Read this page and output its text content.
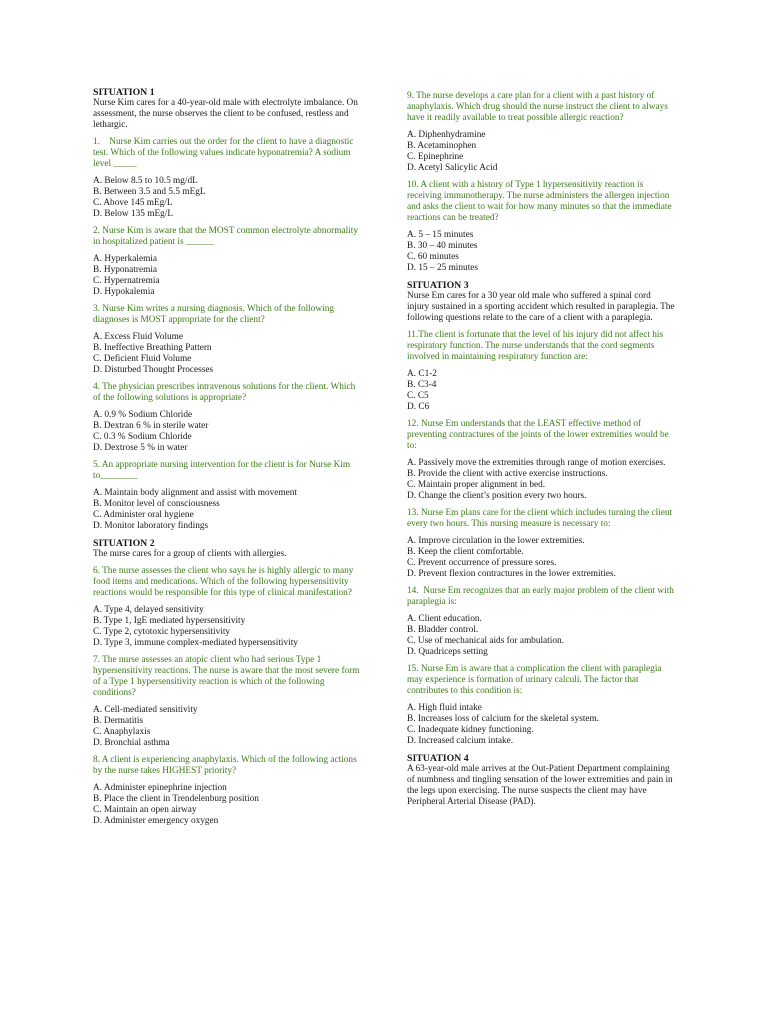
SITUATION 1
Nurse Kim cares for a 40-year-old male with electrolyte imbalance. On assessment, the nurse observes the client to be confused, restless and lethargic.
1.    Nurse Kim carries out the order for the client to have a diagnostic test. Which of the following values indicate hyponatremia? A sodium level _____
A. Below 8.5 to 10.5 mg/dL
B. Between 3.5 and 5.5 mEgL
C. Above 145 mEg/L
D. Below 135 mEg/L
2. Nurse Kim is aware that the MOST common electrolyte abnormality in hospitalized patient is ______
A. Hyperkalemia
B. Hyponatremia
C. Hypernatremia
D. Hypokalemia
3. Nurse Kim writes a nursing diagnosis. Which of the following diagnoses is MOST appropriate for the client?
A. Excess Fluid Volume
B. Ineffective Breathing Pattern
C. Deficient Fluid Volume
D. Disturbed Thought Processes
4. The physician prescribes intravenous solutions for the client. Which of the following solutions is appropriate?
A. 0.9 % Sodium Chloride
B. Dextran 6 % in sterile water
C. 0.3 % Sodium Chloride
D. Dextrose 5 % in water
5. An appropriate nursing intervention for the client is for Nurse Kim to________
A. Maintain body alignment and assist with movement
B. Monitor level of consciousness
C. Administer oral hygiene
D. Monitor laboratory findings
SITUATION 2
The nurse cares for a group of clients with allergies.
6. The nurse assesses the client who says he is highly allergic to many food items and medications. Which of the following hypersensitivity reactions would be responsible for this type of clinical manifestation?
A. Type 4, delayed sensitivity
B. Type 1, IgE mediated hypersensitivity
C. Type 2, cytotoxic hypersensitivity
D. Type 3, immune complex-mediated hypersensitivity
7. The nurse assesses an atopic client who had serious Type 1 hypersensitivity reactions. The nurse is aware that the most severe form of a Type 1 hypersensitivity reaction is which of the following conditions?
A. Cell-mediated sensitivity
B. Dermatitis
C. Anaphylaxis
D. Bronchial asthma
8. A client is experiencing anaphylaxis. Which of the following actions by the nurse takes HIGHEST priority?
A. Administer epinephrine injection
B. Place the client in Trendelenburg position
C. Maintain an open airway
D. Administer emergency oxygen
9. The nurse develops a care plan for a client with a past history of anaphylaxis. Which drug should the nurse instruct the client to always have it readily available to treat possible allergic reaction?
A. Diphenhydramine
B. Acetaminophen
C. Epinephrine
D. Acetyl Salicylic Acid
10. A client with a history of Type 1 hypersensitivity reaction is receiving immunotherapy. The nurse administers the allergen injection and asks the client to wait for how many minutes so that the immediate reactions can be treated?
A. 5 – 15 minutes
B. 30 – 40 minutes
C. 60 minutes
D. 15 – 25 minutes
SITUATION 3
Nurse Em cares for a 30 year old male who suffered a spinal cord injury sustained in a sporting accident which resulted in paraplegia. The following questions relate to the care of a client with a paraplegia.
11.The client is fortunate that the level of his injury did not affect his respiratory function. The nurse understands that the cord segments involved in maintaining respiratory function are:
A. C1-2
B. C3-4
C. C5
D. C6
12. Nurse Em understands that the LEAST effective method of preventing contractures of the joints of the lower extremities would be to:
A. Passively move the extremities through range of motion exercises.
B. Provide the client with active exercise instructions.
C. Maintain proper alignment in bed.
D. Change the client’s position every two hours.
13. Nurse Em plans care for the client which includes turning the client every two hours. This nursing measure is necessary to:
A. Improve circulation in the lower extremities.
B. Keep the client comfortable.
C. Prevent occurrence of pressure sores.
D. Prevent flexion contractures in the lower extremities.
14.  Nurse Em recognizes that an early major problem of the client with paraplegia is:
A. Client education.
B. Bladder control.
C. Use of mechanical aids for ambulation.
D. Quadriceps setting
15. Nurse Em is aware that a complication the client with paraplegia may experience is formation of urinary calculi. The factor that contributes to this condition is:
A. High fluid intake
B. Increases loss of calcium for the skeletal system.
C. Inadequate kidney functioning.
D. Increased calcium intake.
SITUATION 4
A 63-year-old male arrives at the Out-Patient Department complaining of numbness and tingling sensation of the lower extremities and pain in the legs upon exercising. The nurse suspects the client may have Peripheral Arterial Disease (PAD).
